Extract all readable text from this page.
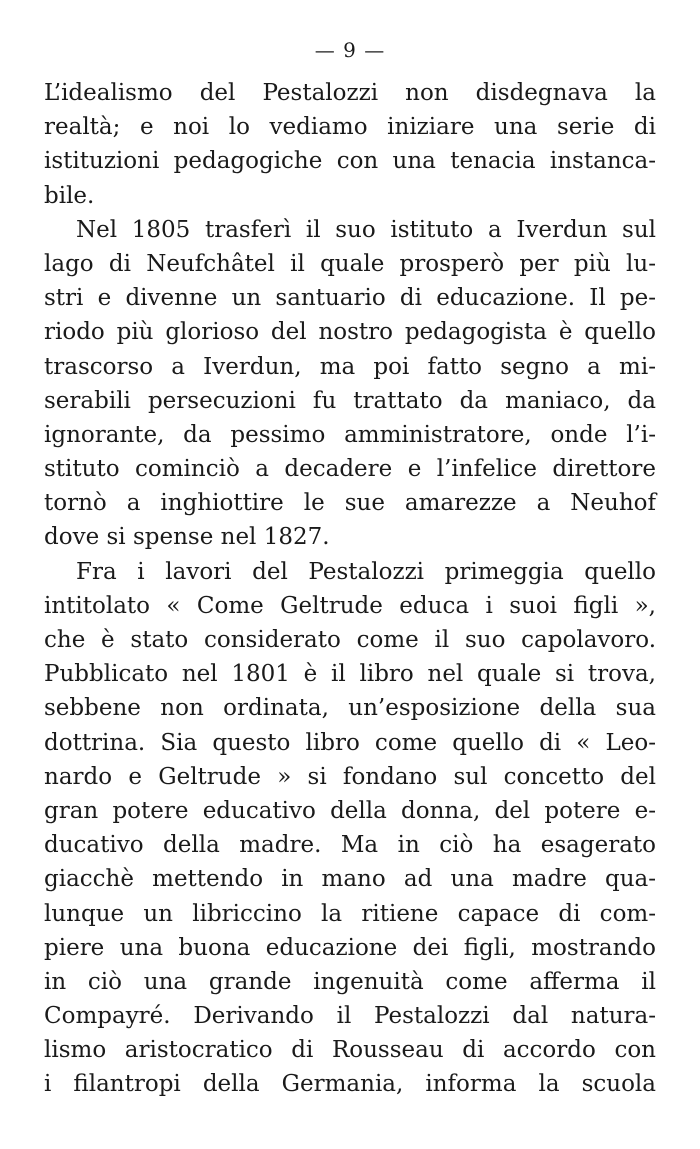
— 9 —
L’idealismo del Pestalozzi non disdegnava la
realtà; e noi lo vediamo iniziare una serie di
istituzioni pedagogiche con una tenacia instanca-
bile.
Nel 1805 trasferì il suo istituto a Iverdun sul
lago di Neufchâtel il quale prosperò per più lu-
stri e divenne un santuario di educazione. Il pe-
riodo più glorioso del nostro pedagogista è quello
trascorso a Iverdun, ma poi fatto segno a mi-
serabili persecuzioni fu trattato da maniaco, da
ignorante, da pessimo amministratore, onde l’i-
stituto cominciò a decadere e l’infelice direttore
tornò a inghiottire le sue amarezze a Neuhof
dove si spense nel 1827.
Fra i lavori del Pestalozzi primeggia quello
intitolato « Come Geltrude educa i suoi figli »,
che è stato considerato come il suo capolavoro.
Pubblicato nel 1801 è il libro nel quale si trova,
sebbene non ordinata, un’esposizione della sua
dottrina. Sia questo libro come quello di « Leo-
nardo e Geltrude » si fondano sul concetto del
gran potere educativo della donna, del potere e-
ducativo della madre. Ma in ciò ha esagerato
giacchè mettendo in mano ad una madre qua-
lunque un libriccino la ritiene capace di com-
piere una buona educazione dei figli, mostrando
in ciò una grande ingenuità come afferma il
Compayré. Derivando il Pestalozzi dal natura-
lismo aristocratico di Rousseau di accordo con
i filantropi della Germania, informa la scuola
